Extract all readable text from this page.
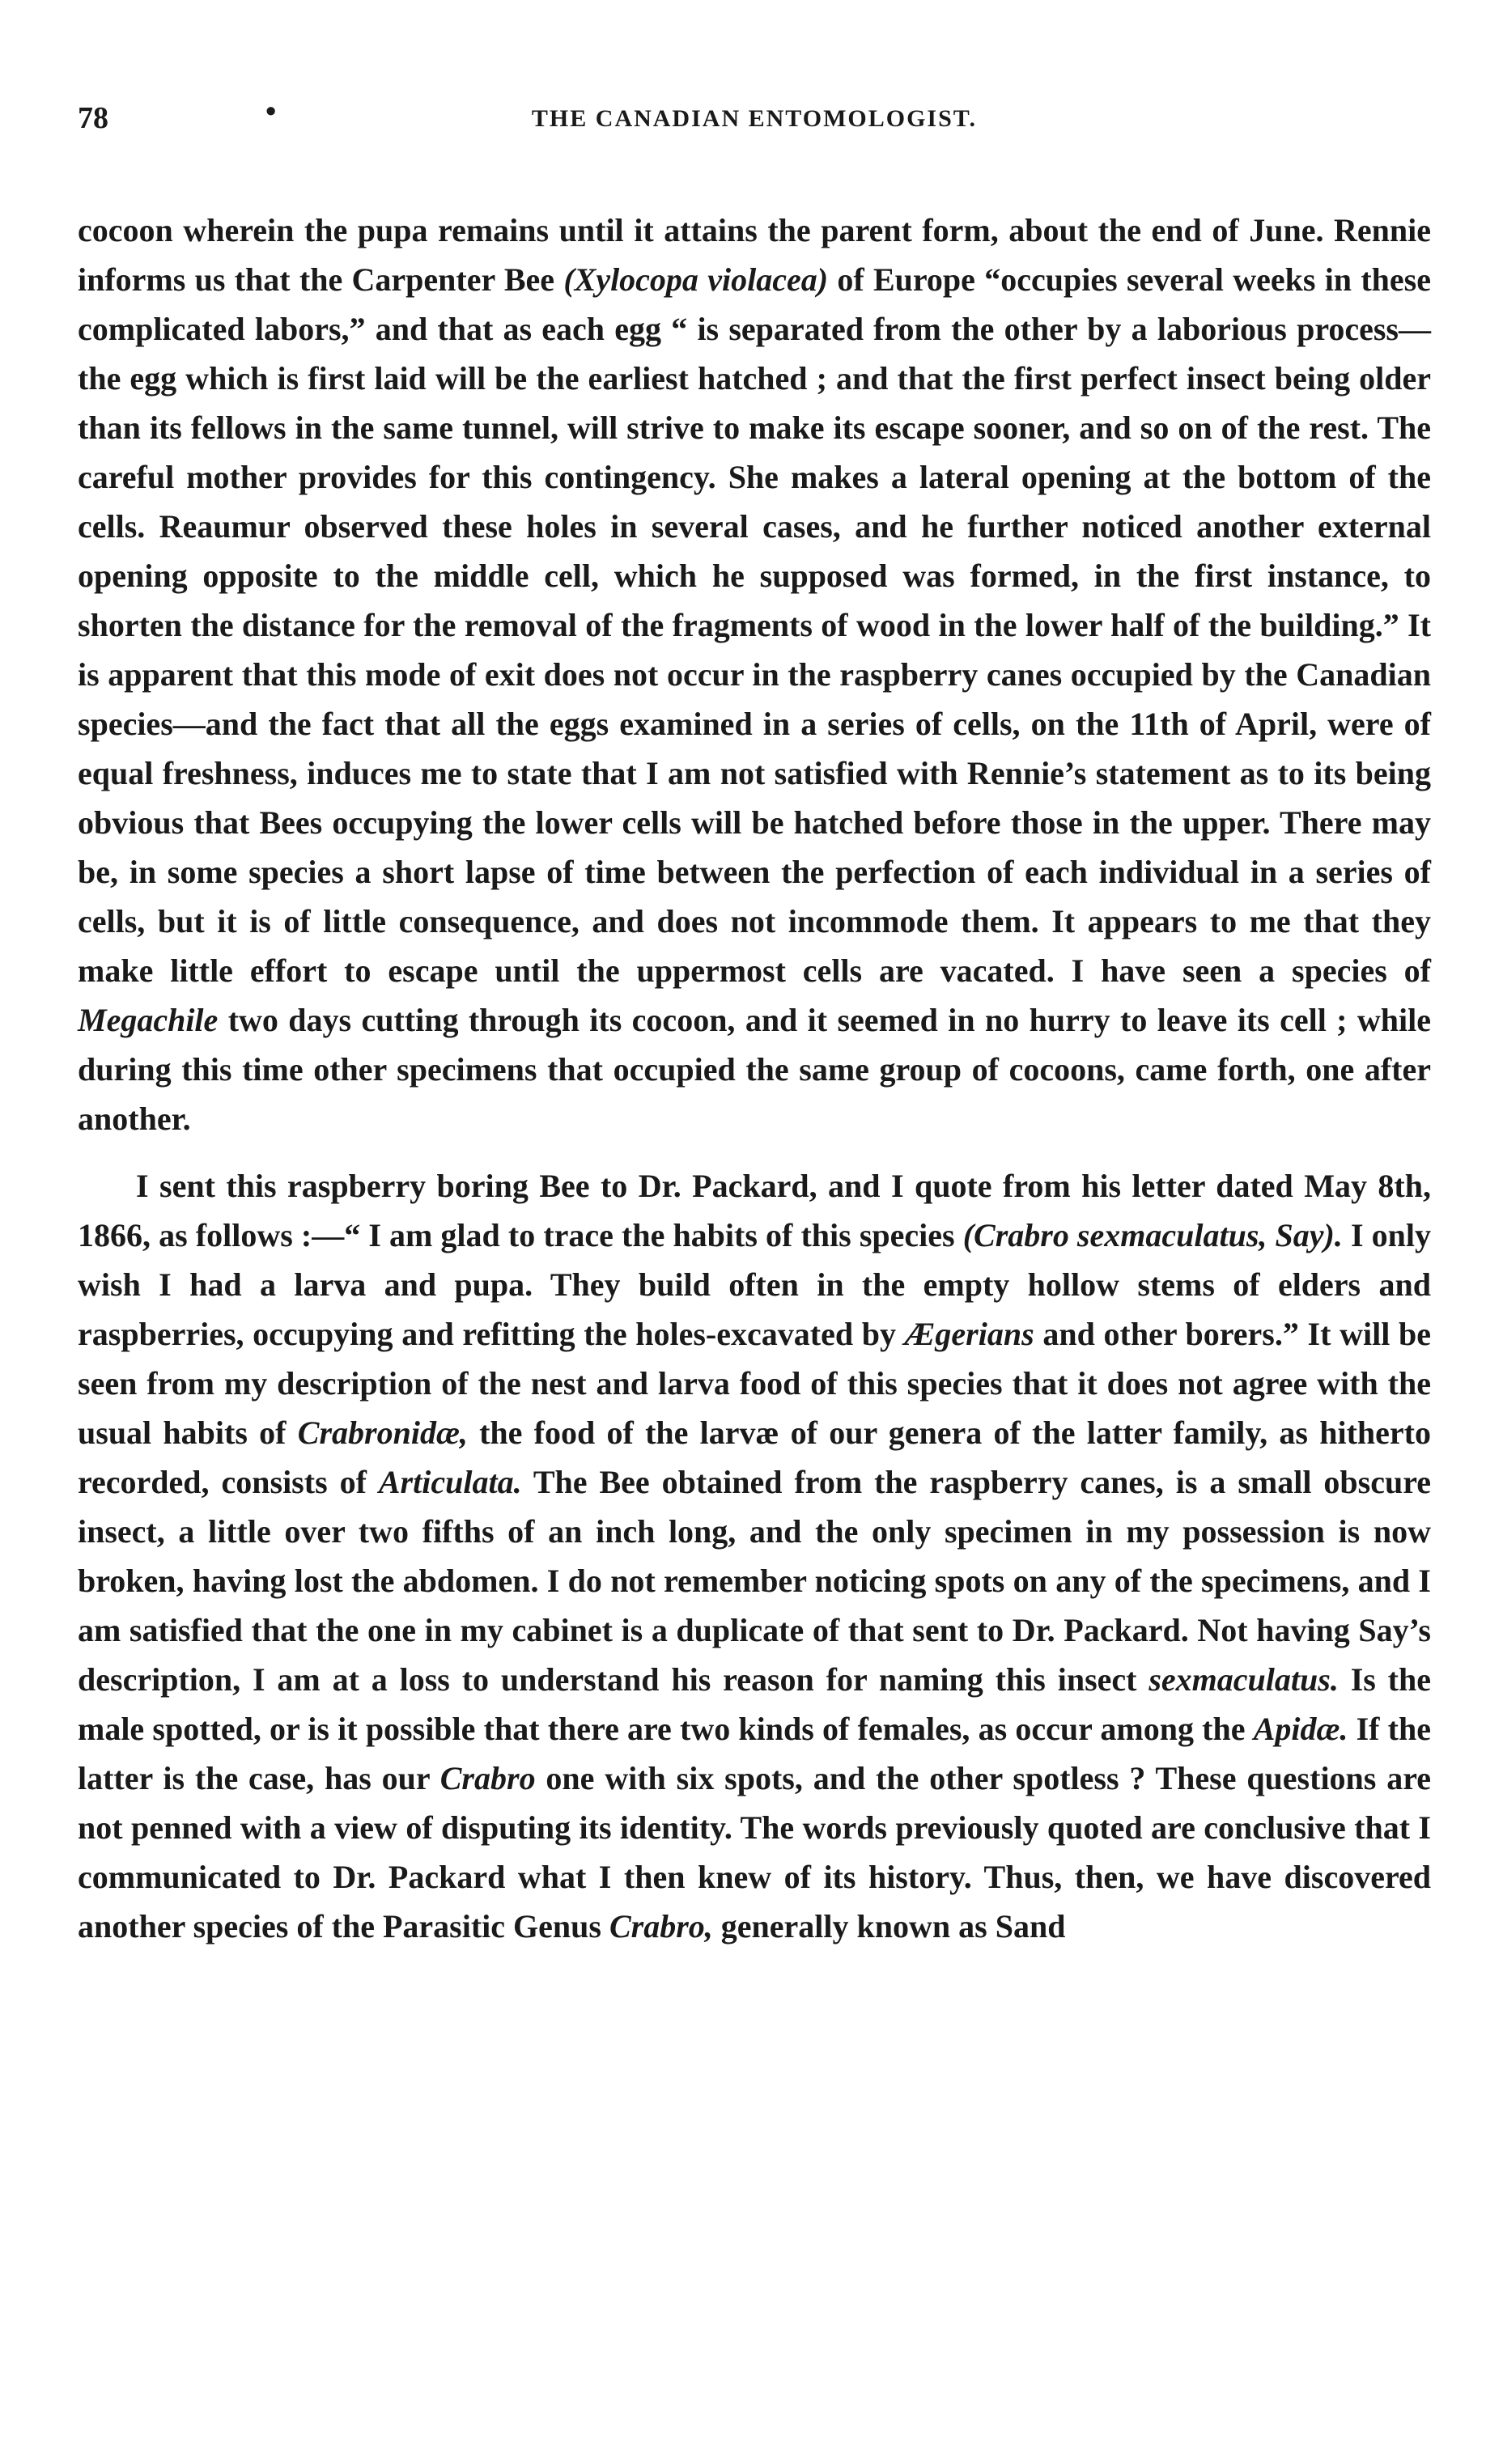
78	•	THE CANADIAN ENTOMOLOGIST.

cocoon wherein the pupa remains until it attains the parent form, about the end of June. Rennie informs us that the Carpenter Bee (Xylocopa violacea) of Europe “occupies several weeks in these complicated labors,” and that as each egg “ is separated from the other by a laborious process—the egg which is first laid will be the earliest hatched ; and that the first perfect insect being older than its fellows in the same tunnel, will strive to make its escape sooner, and so on of the rest. The careful mother provides for this contingency. She makes a lateral opening at the bottom of the cells. Reaumur observed these holes in several cases, and he further noticed another external opening opposite to the middle cell, which he supposed was formed, in the first instance, to shorten the distance for the removal of the fragments of wood in the lower half of the building.” It is apparent that this mode of exit does not occur in the raspberry canes occupied by the Canadian species—and the fact that all the eggs examined in a series of cells, on the 11th of April, were of equal freshness, induces me to state that I am not satisfied with Rennie’s statement as to its being obvious that Bees occupying the lower cells will be hatched before those in the upper. There may be, in some species a short lapse of time between the perfection of each individual in a series of cells, but it is of little consequence, and does not incommode them. It appears to me that they make little effort to escape until the uppermost cells are vacated. I have seen a species of Megachile two days cutting through its cocoon, and it seemed in no hurry to leave its cell ; while during this time other specimens that occupied the same group of cocoons, came forth, one after another.

I sent this raspberry boring Bee to Dr. Packard, and I quote from his letter dated May 8th, 1866, as follows :—“ I am glad to trace the habits of this species (Crabro sexmaculatus, Say). I only wish I had a larva and pupa. They build often in the empty hollow stems of elders and raspberries, occupying and refitting the holes-excavated by Ægerians and other borers.” It will be seen from my description of the nest and larva food of this species that it does not agree with the usual habits of Crabronidæ, the food of the larvæ of our genera of the latter family, as hitherto recorded, consists of Articulata. The Bee obtained from the raspberry canes, is a small obscure insect, a little over two fifths of an inch long, and the only specimen in my possession is now broken, having lost the abdomen. I do not remember noticing spots on any of the specimens, and I am satisfied that the one in my cabinet is a duplicate of that sent to Dr. Packard. Not having Say’s description, I am at a loss to understand his reason for naming this insect sexmaculatus. Is the male spotted, or is it possible that there are two kinds of females, as occur among the Apidæ. If the latter is the case, has our Crabro one with six spots, and the other spotless ? These questions are not penned with a view of disputing its identity. The words previously quoted are conclusive that I communicated to Dr. Packard what I then knew of its history. Thus, then, we have discovered another species of the Parasitic Genus Crabro, generally known as Sand
